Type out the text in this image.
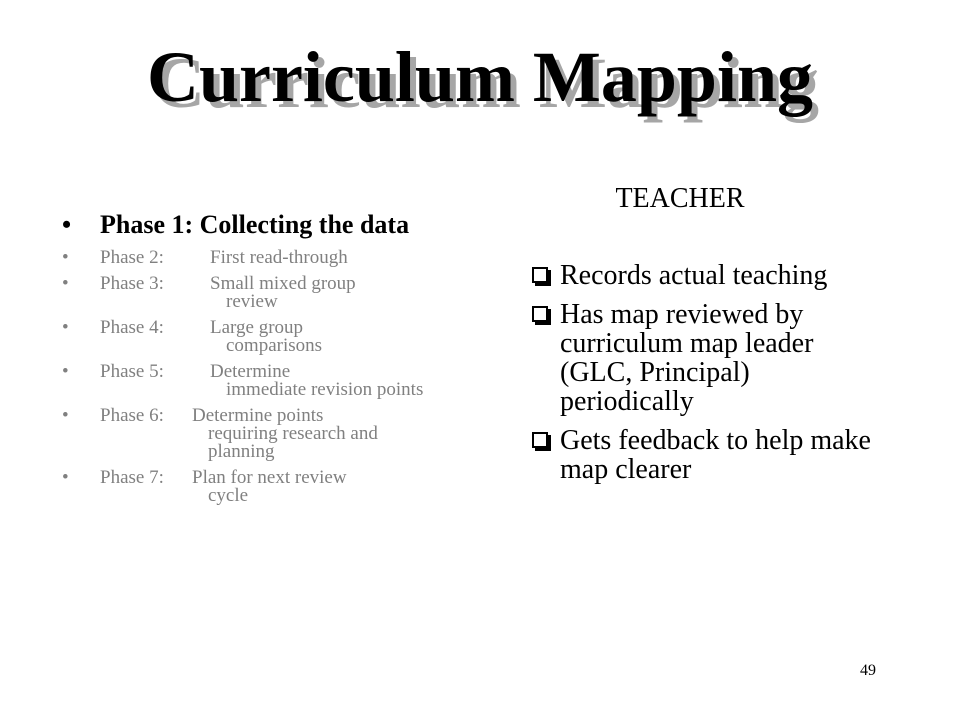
Curriculum Mapping
•	Phase 1: Collecting the data
•	Phase 2:	First read-through
•	Phase 3:	Small mixed group
review
•	Phase 4:	Large group
comparisons
•	Phase 5:	Determine
immediate revision points
•	Phase 6:	Determine points
requiring research and planning
•	Phase 7:	Plan for next review
cycle
TEACHER
Records actual teaching
Has map reviewed by curriculum map leader (GLC, Principal) periodically
Gets feedback to help make map clearer
49
